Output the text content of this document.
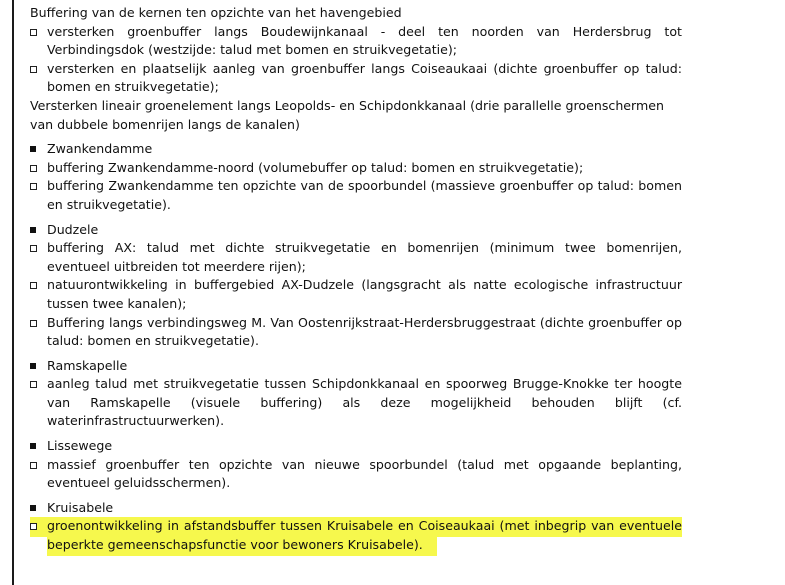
Buffering van de kernen ten opzichte van het havengebied

versterken groenbuffer langs Boudewijnkanaal - deel ten noorden van Herdersbrug tot Verbindingsdok (westzijde: talud met bomen en struikvegetatie);

versterken en plaatselijk aanleg van groenbuffer langs Coiseaukaai (dichte groenbuffer op talud: bomen en struikvegetatie);

Versterken lineair groenelement langs Leopolds- en Schipdonkkanaal (drie parallelle groenschermen van dubbele bomenrijen langs de kanalen)

Zwankendamme

buffering Zwankendamme-noord (volumebuffer op talud: bomen en struikvegetatie);

buffering Zwankendamme ten opzichte van de spoorbundel (massieve groenbuffer op talud: bomen en struikvegetatie).

Dudzele

buffering AX: talud met dichte struikvegetatie en bomenrijen (minimum twee bomenrijen, eventueel uitbreiden tot meerdere rijen);

natuurontwikkeling in buffergebied AX-Dudzele (langsgracht als natte ecologische infrastructuur tussen twee kanalen);

Buffering langs verbindingsweg M. Van Oostenrijkstraat-Herdersbruggestraat (dichte groenbuffer op talud: bomen en struikvegetatie).

Ramskapelle

aanleg talud met struikvegetatie tussen Schipdonkkanaal en spoorweg Brugge-Knokke ter hoogte van Ramskapelle (visuele buffering) als deze mogelijkheid behouden blijft (cf. waterinfrastructuurwerken).

Lissewege

massief groenbuffer ten opzichte van nieuwe spoorbundel (talud met opgaande beplanting, eventueel geluidsschermen).

Kruisabele

groenontwikkeling in afstandsbuffer tussen Kruisabele en Coiseaukaai (met inbegrip van eventuele beperkte gemeenschapsfunctie voor bewoners Kruisabele).
